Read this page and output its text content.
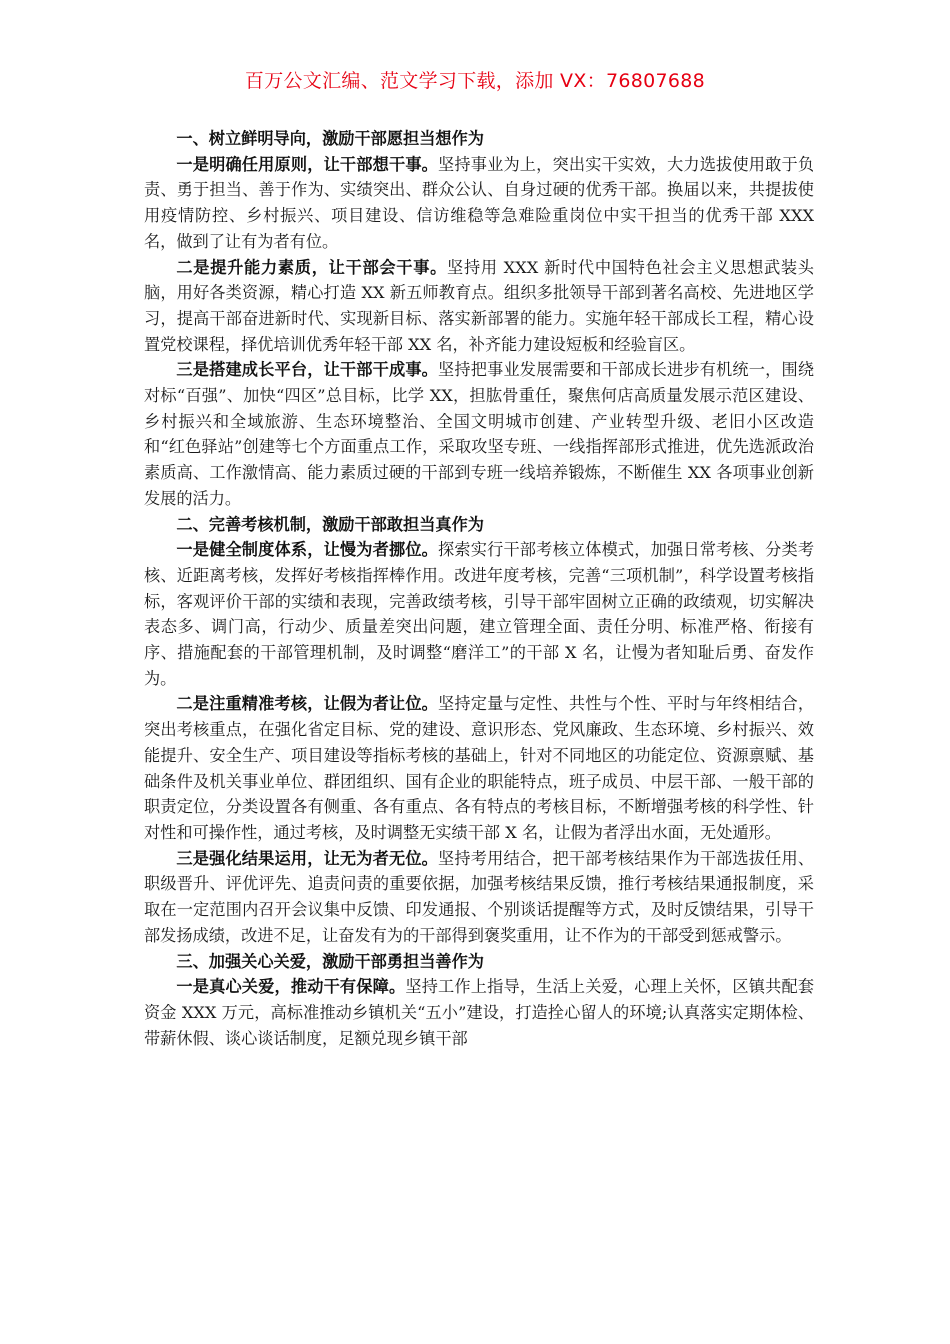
百万公文汇编、范文学习下载，添加 VX：76807688
一、树立鲜明导向，激励干部愿担当想作为

一是明确任用原则，让干部想干事。坚持事业为上，突出实干实效，大力选拔使用敢于负责、勇于担当、善于作为、实绩突出、群众公认、自身过硬的优秀干部。换届以来，共提拔使用疫情防控、乡村振兴、项目建设、信访维稳等急难险重岗位中实干担当的优秀干部 XXX 名，做到了让有为者有位。

二是提升能力素质，让干部会干事。坚持用 XXX 新时代中国特色社会主义思想武装头脑，用好各类资源，精心打造 XX 新五师教育点。组织多批领导干部到著名高校、先进地区学习，提高干部奋进新时代、实现新目标、落实新部署的能力。实施年轻干部成长工程，精心设置党校课程，择优培训优秀年轻干部 XX 名，补齐能力建设短板和经验盲区。

三是搭建成长平台，让干部干成事。坚持把事业发展需要和干部成长进步有机统一，围绕对标“百强”、加快“四区”总目标，比学 XX，担肱骨重任，聚焦何店高质量发展示范区建设、乡村振兴和全域旅游、生态环境整治、全国文明城市创建、产业转型升级、老旧小区改造和“红色驿站”创建等七个方面重点工作，采取攻坚专班、一线指挥部形式推进，优先选派政治素质高、工作激情高、能力素质过硬的干部到专班一线培养锻炼，不断催生 XX 各项事业创新发展的活力。

二、完善考核机制，激励干部敢担当真作为

一是健全制度体系，让慢为者挪位。探索实行干部考核立体模式，加强日常考核、分类考核、近距离考核，发挥好考核指挥棒作用。改进年度考核，完善“三项机制”，科学设置考核指标，客观评价干部的实绩和表现，完善政绩考核，引导干部牢固树立正确的政绩观，切实解决表态多、调门高，行动少、质量差突出问题，建立管理全面、责任分明、标准严格、衔接有序、措施配套的干部管理机制，及时调整“磨洋工”的干部 X 名，让慢为者知耻后勇、奋发作为。

二是注重精准考核，让假为者让位。坚持定量与定性、共性与个性、平时与年终相结合，突出考核重点，在强化省定目标、党的建设、意识形态、党风廉政、生态环境、乡村振兴、效能提升、安全生产、项目建设等指标考核的基础上，针对不同地区的功能定位、资源禀赋、基础条件及机关事业单位、群团组织、国有企业的职能特点，班子成员、中层干部、一般干部的职责定位，分类设置各有侧重、各有重点、各有特点的考核目标，不断增强考核的科学性、针对性和可操作性，通过考核，及时调整无实绩干部 X 名，让假为者浮出水面，无处遁形。

三是强化结果运用，让无为者无位。坚持考用结合，把干部考核结果作为干部选拔任用、职级晋升、评优评先、追责问责的重要依据，加强考核结果反馈，推行考核结果通报制度，采取在一定范围内召开会议集中反馈、印发通报、个别谈话提醒等方式，及时反馈结果，引导干部发扬成绩，改进不足，让奋发有为的干部得到褒奖重用，让不作为的干部受到惩戒警示。

三、加强关心关爱，激励干部勇担当善作为

一是真心关爱，推动干有保障。坚持工作上指导，生活上关爱，心理上关怀，区镇共配套资金 XXX 万元，高标准推动乡镇机关“五小”建设，打造拴心留人的环境;认真落实定期体检、带薪休假、谈心谈话制度，足额兑现乡镇干部
